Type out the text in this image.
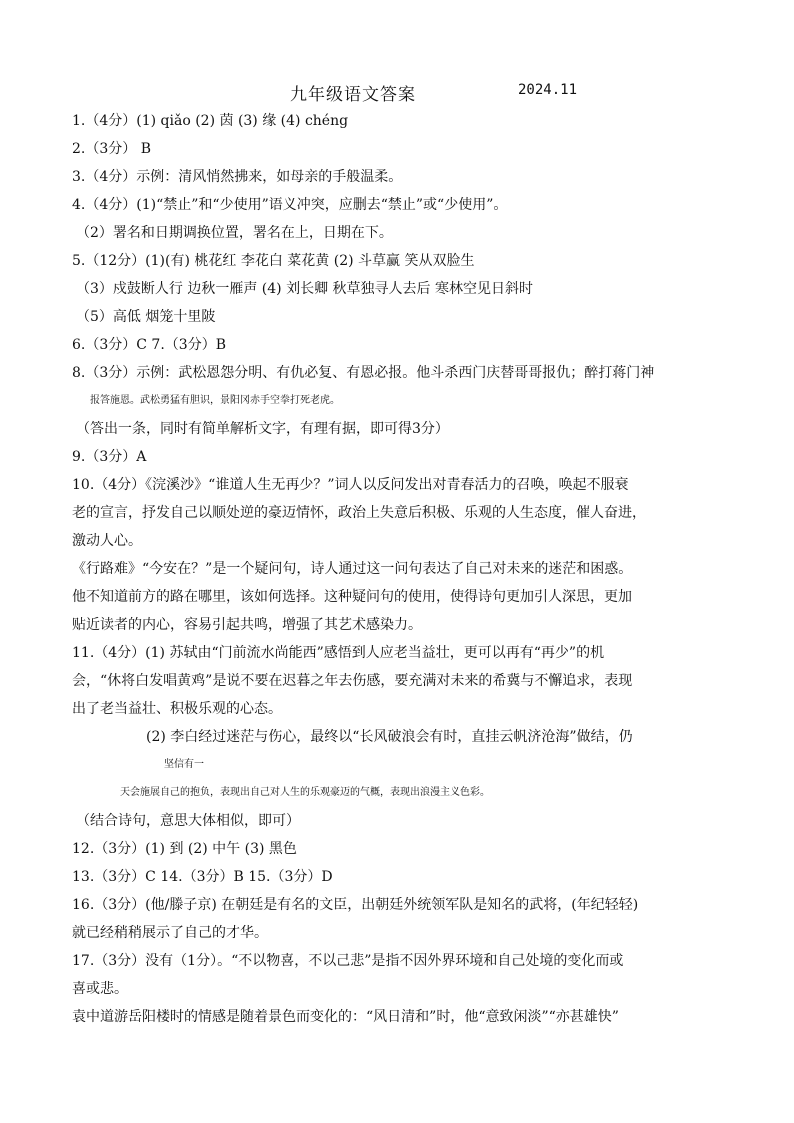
九年级语文答案	2024.11
1.（4分）(1) qiǎo (2) 茵 (3) 缘 (4) chéng
2.（3分） B
3.（4分）示例：清风悄然拂来，如母亲的手般温柔。
4.（4分）(1)“禁止”和“少使用”语义冲突，应删去“禁止”或“少使用”。
（2）署名和日期调换位置，署名在上，日期在下。
5.（12分）(1)(有) 桃花红 李花白 菜花黄 (2) 斗草赢 笑从双脸生
（3）戍鼓断人行 边秋一雁声 (4) 刘长卿 秋草独寻人去后 寒林空见日斜时
（5）高低 烟笼十里陂
6.（3分）C 7.（3分）B
8.（3分）示例：武松恩怨分明、有仇必复、有恩必报。他斗杀西门庆替哥哥报仇；醉打蒋门神
报答施恩。武松勇猛有胆识，景阳冈赤手空拳打死老虎。
（答出一条，同时有简单解析文字，有理有据，即可得3分）
9.（3分）A
10.（4分）《浣溪沙》“谁道人生无再少？”词人以反问发出对青春活力的召唤，唤起不服衰
老的宣言，抒发自己以顺处逆的豪迈情怀，政治上失意后积极、乐观的人生态度，催人奋进，
激动人心。
《行路难》“今安在？”是一个疑问句，诗人通过这一问句表达了自己对未来的迷茫和困惑。
他不知道前方的路在哪里，该如何选择。这种疑问句的使用，使得诗句更加引人深思，更加
贴近读者的内心，容易引起共鸣，增强了其艺术感染力。
11.（4分）(1) 苏轼由“门前流水尚能西”感悟到人应老当益壮，更可以再有“再少”的机
会，“休将白发唱黄鸡”是说不要在迟暮之年去伤感，要充满对未来的希冀与不懈追求，表现
出了老当益壮、积极乐观的心态。
(2) 李白经过迷茫与伤心，最终以“长风破浪会有时，直挂云帆济沧海”做结，仍
坚信有一
天会施展自己的抱负，表现出自己对人生的乐观豪迈的气概，表现出浪漫主义色彩。
（结合诗句，意思大体相似，即可）
12.（3分）(1) 到 (2) 中午 (3) 黑色
13.（3分）C 14.（3分）B 15.（3分）D
16.（3分）(他/滕子京) 在朝廷是有名的文臣，出朝廷外统领军队是知名的武将，(年纪轻轻)
就已经稍稍展示了自己的才华。
17.（3分）没有（1分）。“不以物喜，不以己悲”是指不因外界环境和自己处境的变化而或
喜或悲。
袁中道游岳阳楼时的情感是随着景色而变化的：“风日清和”时，他“意致闲淡”“亦甚雄快”
